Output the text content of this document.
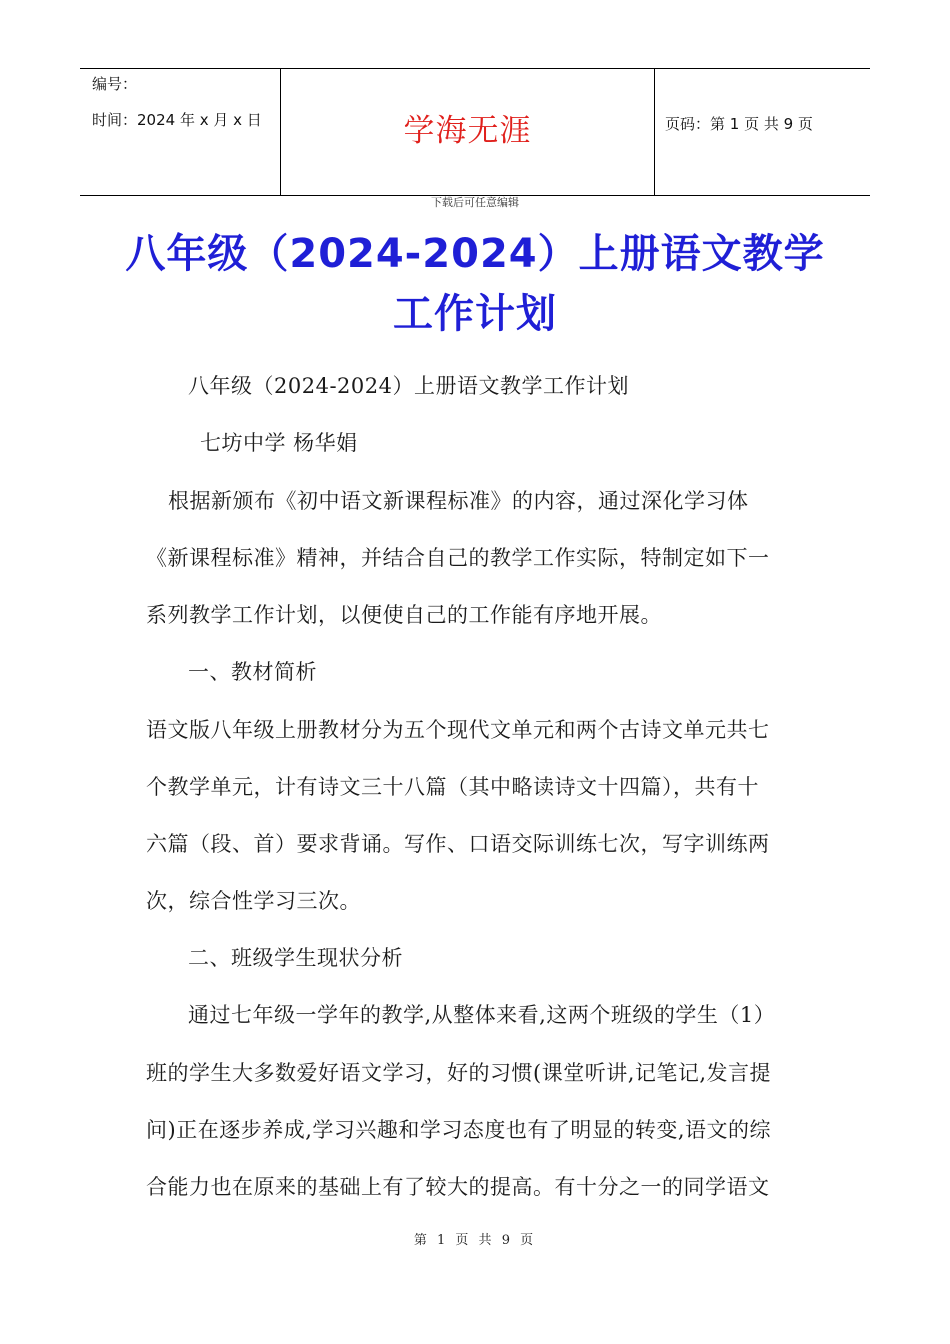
编号：
时间：2024 年 x 月 x 日	学海无涯	页码：第 1 页 共 9 页
下载后可任意编辑
八年级（2024-2024）上册语文教学
工作计划
八年级（2024-2024）上册语文教学工作计划
七坊中学 杨华娟
根据新颁布《初中语文新课程标准》的内容，通过深化学习体
《新课程标准》精神，并结合自己的教学工作实际，特制定如下一
系列教学工作计划，以便使自己的工作能有序地开展。
一、教材简析
语文版八年级上册教材分为五个现代文单元和两个古诗文单元共七
个教学单元，计有诗文三十八篇（其中略读诗文十四篇），共有十
六篇（段、首）要求背诵。写作、口语交际训练七次，写字训练两
次，综合性学习三次。
二、班级学生现状分析
通过七年级一学年的教学,从整体来看,这两个班级的学生（1）
班的学生大多数爱好语文学习，好的习惯(课堂听讲,记笔记,发言提
问)正在逐步养成,学习兴趣和学习态度也有了明显的转变,语文的综
合能力也在原来的基础上有了较大的提高。有十分之一的同学语文
第 1 页 共 9 页
